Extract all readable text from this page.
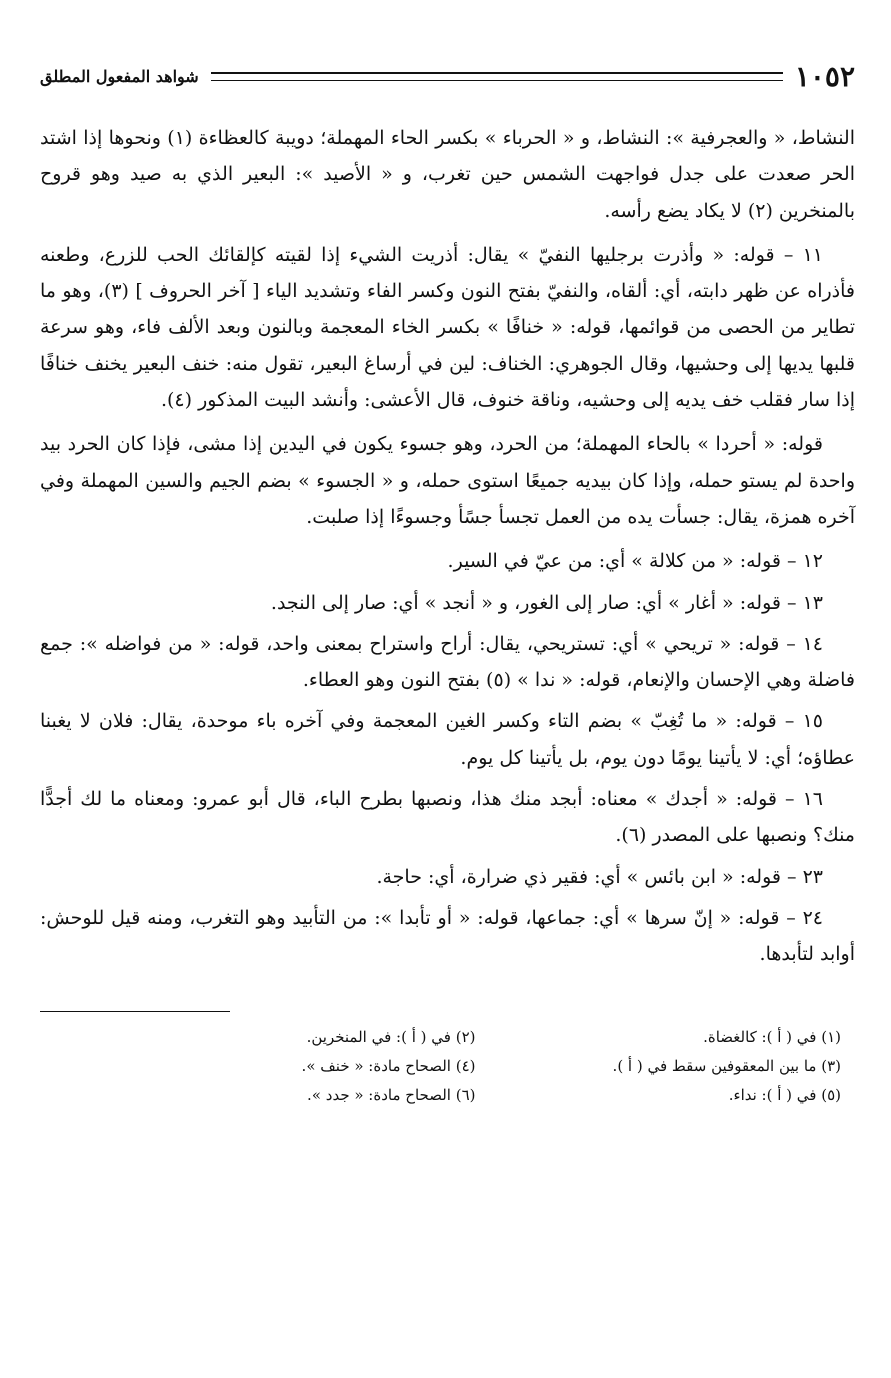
١٠٥٢
شواهد المفعول المطلق

النشاط، « والعجرفية »: النشاط، و « الحرباء » بكسر الحاء المهملة؛ دويبة كالعظاءة (١) ونحوها إذا اشتد الحر صعدت على جدل فواجهت الشمس حين تغرب، و « الأصيد »: البعير الذي به صيد وهو قروح بالمنخرين (٢) لا يكاد يضع رأسه.

١١ – قوله: « وأذرت برجليها النفيّ » يقال: أذريت الشيء إذا لقيته كإلقائك الحب للزرع، وطعنه فأذراه عن ظهر دابته، أي: ألقاه، والنفيّ بفتح النون وكسر الفاء وتشديد الياء [ آخر الحروف ] (٣)، وهو ما تطاير من الحصى من قوائمها، قوله: « خنافًا » بكسر الخاء المعجمة وبالنون وبعد الألف فاء، وهو سرعة قلبها يديها إلى وحشيها، وقال الجوهري: الخناف: لين في أرساغ البعير، تقول منه: خنف البعير يخنف خنافًا إذا سار فقلب خف يديه إلى وحشيه، وناقة خنوف، قال الأعشى: وأنشد البيت المذكور (٤).

قوله: « أحردا » بالحاء المهملة؛ من الحرد، وهو جسوء يكون في اليدين إذا مشى، فإذا كان الحرد بيد واحدة لم يستو حمله، وإذا كان بيديه جميعًا استوى حمله، و « الجسوء » بضم الجيم والسين المهملة وفي آخره همزة، يقال: جسأت يده من العمل تجسأ جسًأ وجسوءًا إذا صلبت.

١٢ – قوله: « من كلالة » أي: من عيّ في السير.

١٣ – قوله: « أغار » أي: صار إلى الغور، و « أنجد » أي: صار إلى النجد.

١٤ – قوله: « تريحي » أي: تستريحي، يقال: أراح واستراح بمعنى واحد، قوله: « من فواضله »: جمع فاضلة وهي الإحسان والإنعام، قوله: « ندا » (٥) بفتح النون وهو العطاء.

١٥ – قوله: « ما تُغِبّ » بضم التاء وكسر الغين المعجمة وفي آخره باء موحدة، يقال: فلان لا يغبنا عطاؤه؛ أي: لا يأتينا يومًا دون يوم، بل يأتينا كل يوم.

١٦ – قوله: « أجدك » معناه: أبجد منك هذا، ونصبها بطرح الباء، قال أبو عمرو: ومعناه ما لك أجدًّا منك؟ ونصبها على المصدر (٦).

٢٣ – قوله: « ابن بائس » أي: فقير ذي ضرارة، أي: حاجة.

٢٤ – قوله: « إنّ سرها » أي: جماعها، قوله: « أو تأبدا »: من التأبيد وهو التغرب، ومنه قيل للوحش: أوابد لتأبدها.

(١) في ( أ ): كالغضاة.
(٢) في ( أ ): في المنخرين.
(٣) ما بين المعقوفين سقط في ( أ ).
(٤) الصحاح مادة: « خنف ».
(٥) في ( أ ): نداء.
(٦) الصحاح مادة: « جدد ».
